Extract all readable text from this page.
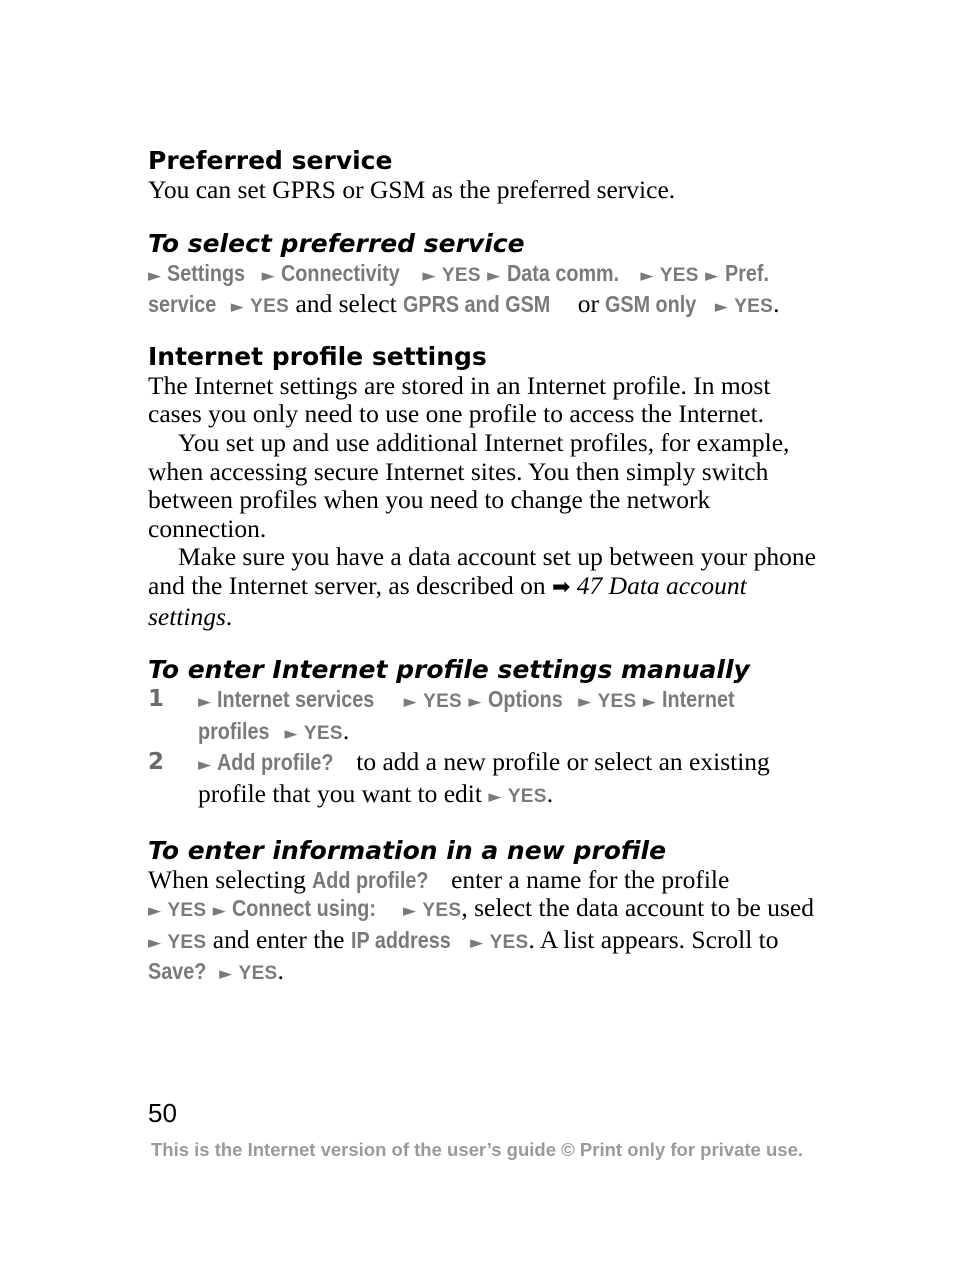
Preferred service

You can set GPRS or GSM as the preferred service.

To select preferred service

► Settings ► Connectivity ► YES ► Data comm. ► YES ► Pref.
service ► YES and select GPRS and GSM or GSM only ► YES.

Internet profile settings

The Internet settings are stored in an Internet profile. In most cases you only need to use one profile to access the Internet.

You set up and use additional Internet profiles, for example, when accessing secure Internet sites. You then simply switch between profiles when you need to change the network connection.

Make sure you have a data account set up between your phone and the Internet server, as described on ➡ 47 Data account settings.

To enter Internet profile settings manually
1 ► Internet services ► YES ► Options ► YES ► Internet
profiles ► YES.
2 ► Add profile? to add a new profile or select an existing profile that you want to edit ► YES.
To enter information in a new profile

When selecting Add profile? enter a name for the profile
► YES ► Connect using: ► YES, select the data account to be used ► YES and enter the IP address ► YES. A list appears. Scroll to Save? ► YES.

50
This is the Internet version of the user’s guide © Print only for private use.
